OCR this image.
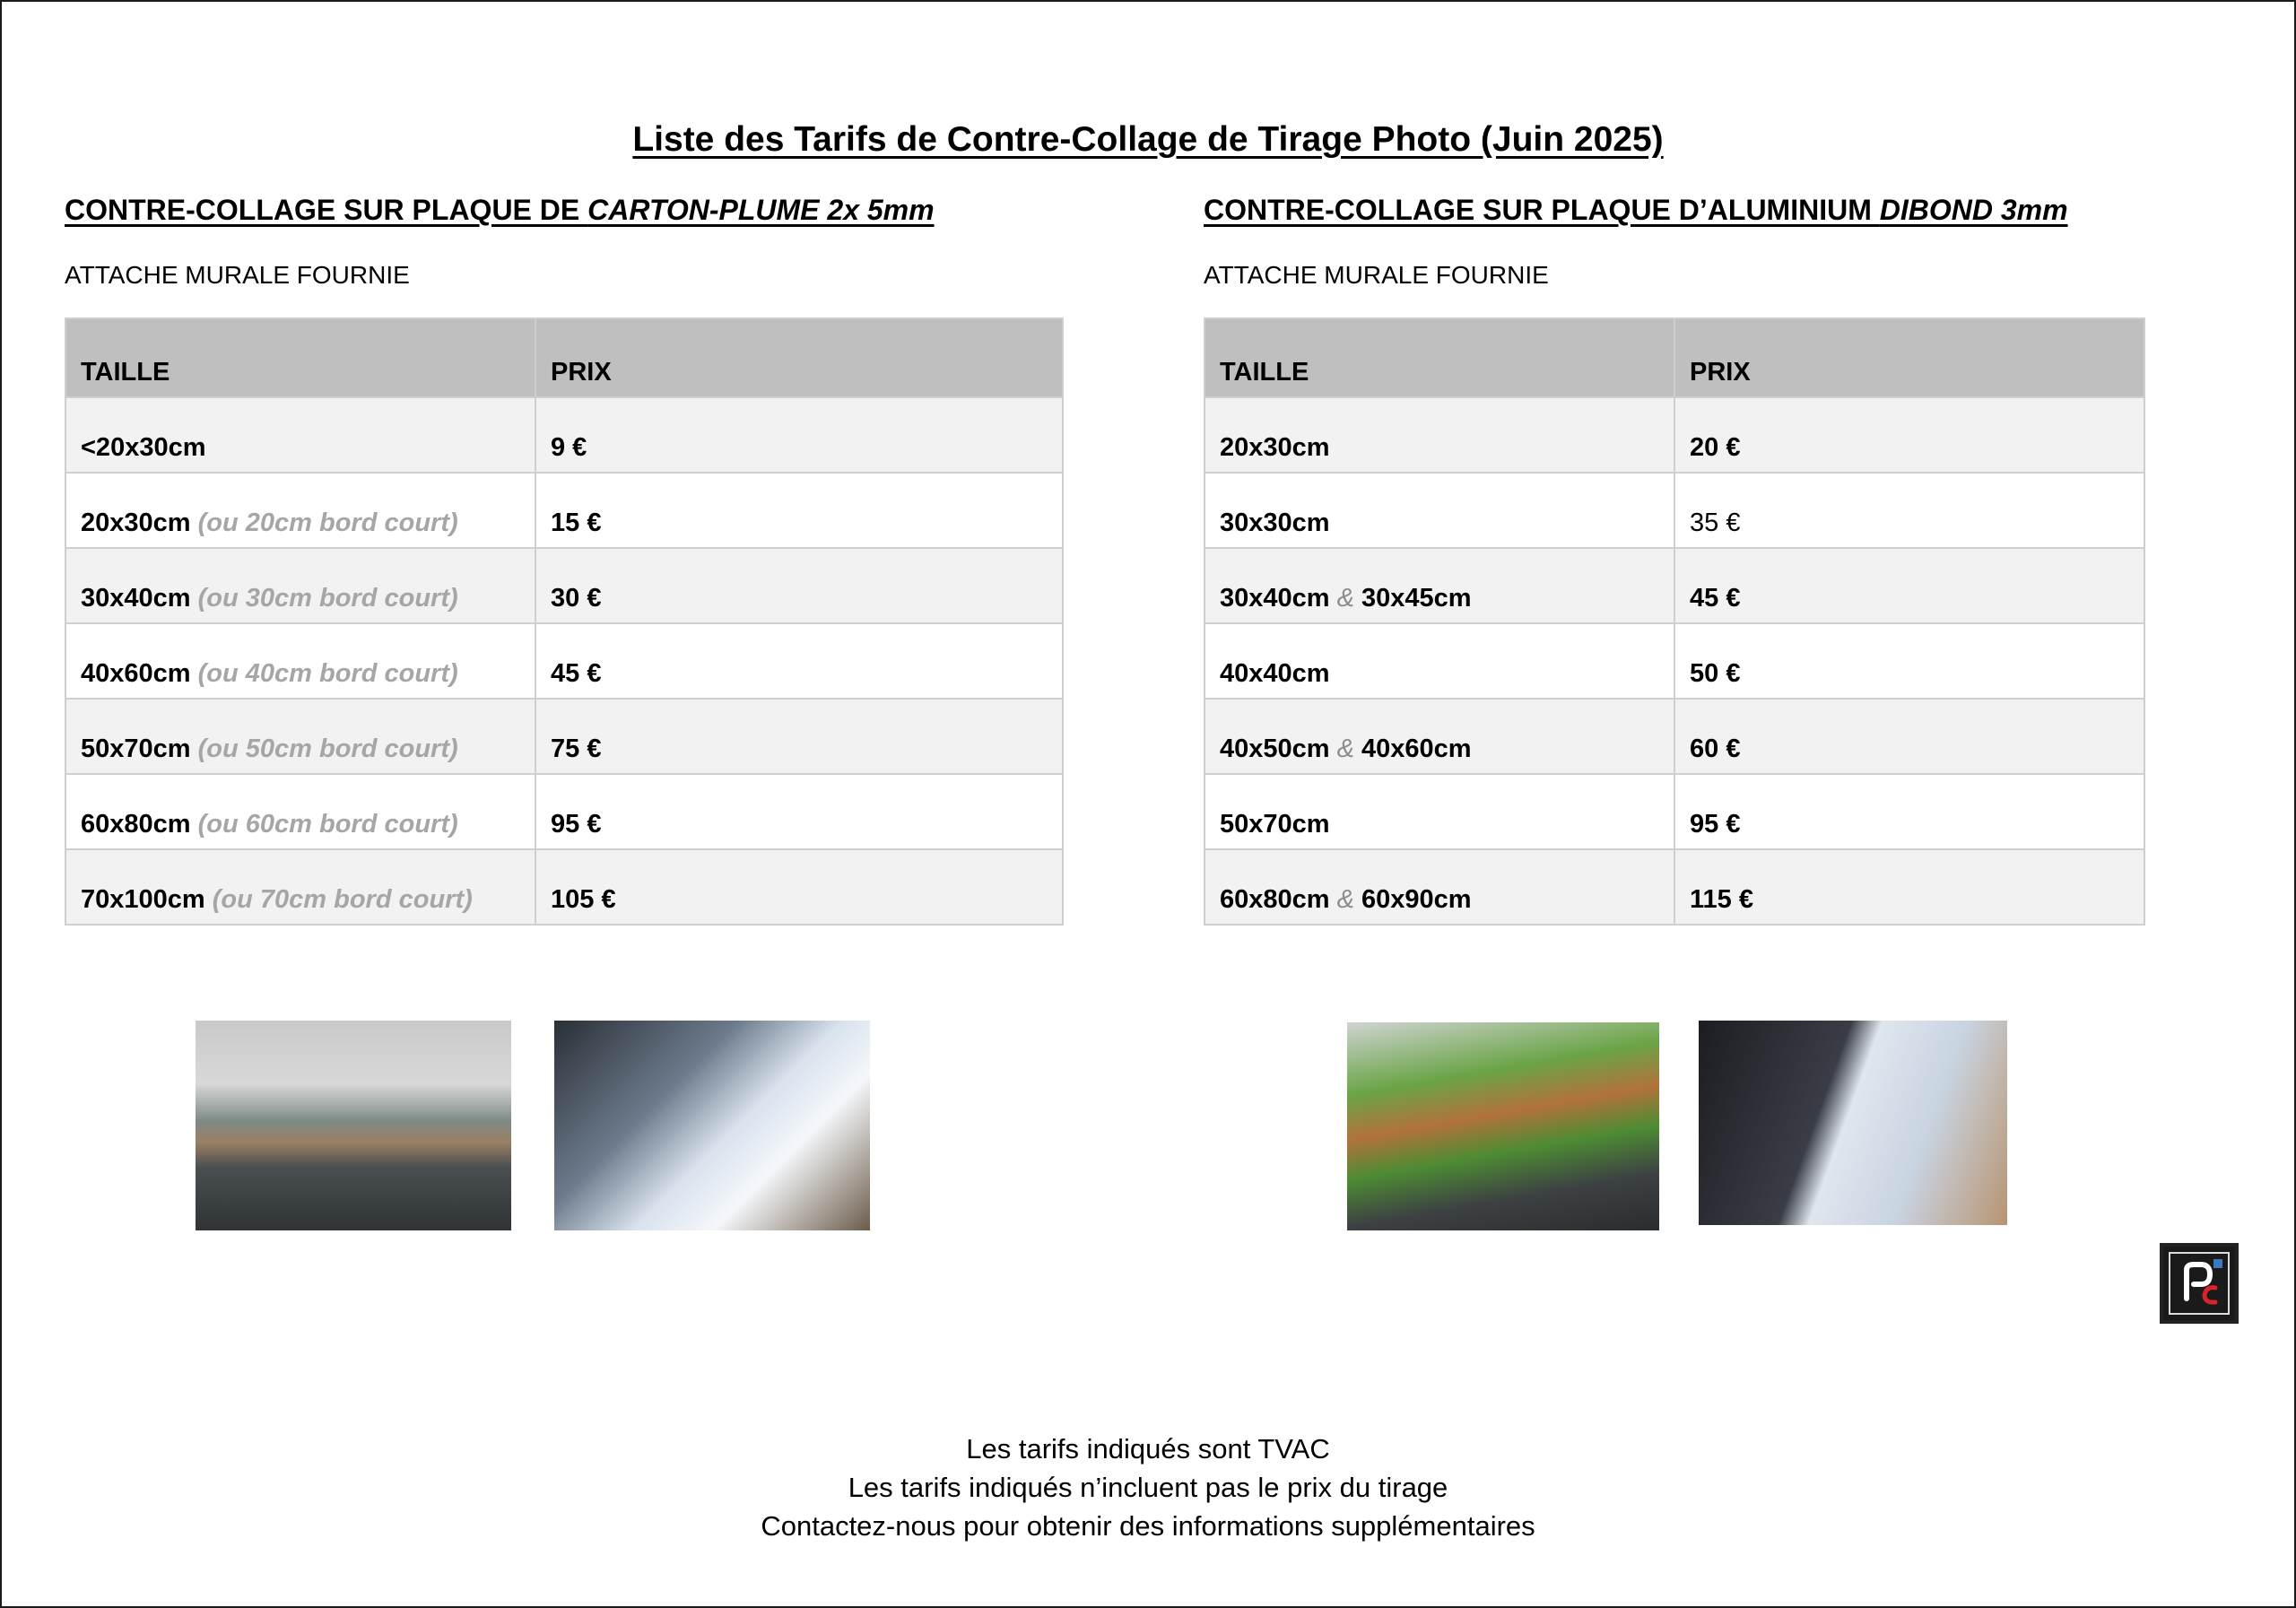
Liste des Tarifs de Contre-Collage de Tirage Photo (Juin 2025)
CONTRE-COLLAGE SUR PLAQUE DE CARTON-PLUME 2x 5mm
ATTACHE MURALE FOURNIE
TAILLE	PRIX
<20x30cm	9 €
20x30cm (ou 20cm bord court)	15 €
30x40cm (ou 30cm bord court)	30 €
40x60cm (ou 40cm bord court)	45 €
50x70cm (ou 50cm bord court)	75 €
60x80cm (ou 60cm bord court)	95 €
70x100cm (ou 70cm bord court)	105 €
CONTRE-COLLAGE SUR PLAQUE D’ALUMINIUM DIBOND 3mm
ATTACHE MURALE FOURNIE
TAILLE	PRIX
20x30cm	20 €
30x30cm	35 €
30x40cm & 30x45cm	45 €
40x40cm	50 €
40x50cm & 40x60cm	60 €
50x70cm	95 €
60x80cm & 60x90cm	115 €
Les tarifs indiqués sont TVAC
Les tarifs indiqués n’incluent pas le prix du tirage
Contactez-nous pour obtenir des informations supplémentaires
